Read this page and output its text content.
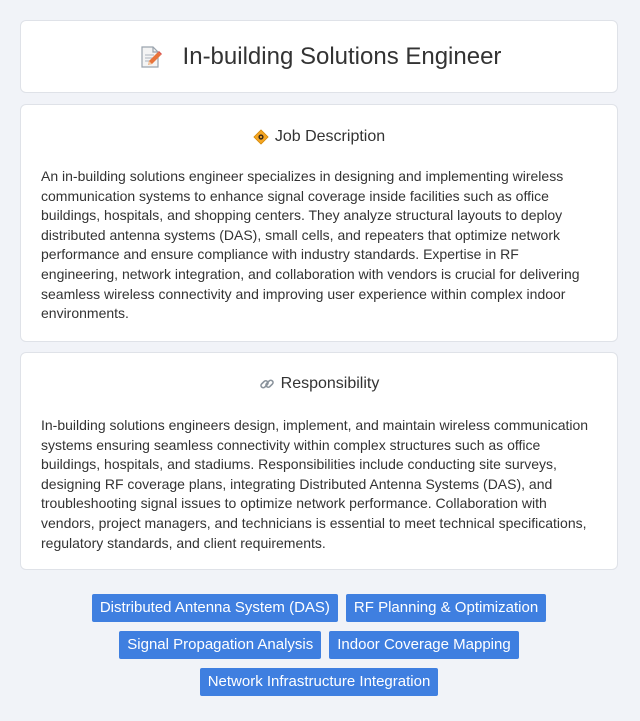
In-building Solutions Engineer
Job Description

An in-building solutions engineer specializes in designing and implementing wireless communication systems to enhance signal coverage inside facilities such as office buildings, hospitals, and shopping centers. They analyze structural layouts to deploy distributed antenna systems (DAS), small cells, and repeaters that optimize network performance and ensure compliance with industry standards. Expertise in RF engineering, network integration, and collaboration with vendors is crucial for delivering seamless wireless connectivity and improving user experience within complex indoor environments.

Responsibility

In-building solutions engineers design, implement, and maintain wireless communication systems ensuring seamless connectivity within complex structures such as office buildings, hospitals, and stadiums. Responsibilities include conducting site surveys, designing RF coverage plans, integrating Distributed Antenna Systems (DAS), and troubleshooting signal issues to optimize network performance. Collaboration with vendors, project managers, and technicians is essential to meet technical specifications, regulatory standards, and client requirements.

Distributed Antenna System (DAS)	RF Planning & Optimization
Signal Propagation Analysis	Indoor Coverage Mapping
Network Infrastructure Integration
